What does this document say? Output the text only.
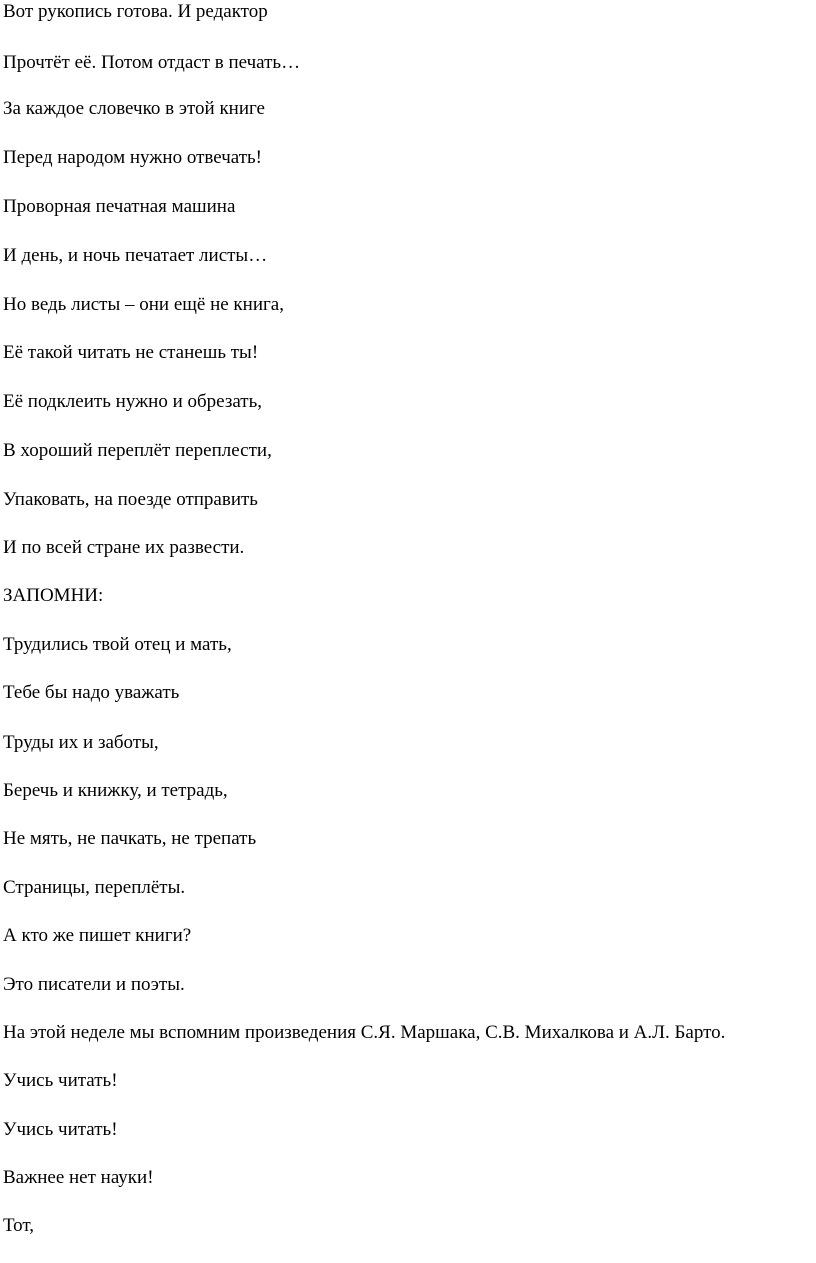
Вот рукопись готова. И редактор

Прочтёт её. Потом отдаст в печать…

За каждое словечко в этой книге

Перед народом нужно отвечать!

Проворная печатная машина

И день, и ночь печатает листы…

Но ведь листы – они ещё не книга,

Её такой читать не станешь ты!

Её подклеить нужно и обрезать,

В хороший переплёт переплести,

Упаковать, на поезде отправить

И по всей стране их развести.

ЗАПОМНИ:

Трудились твой отец и мать,

Тебе бы надо уважать

Труды их и заботы,

Беречь и книжку, и тетрадь,

Не мять, не пачкать, не трепать

Страницы, переплёты.

А кто же пишет книги?

Это писатели и поэты.

На этой неделе мы вспомним произведения С.Я. Маршака, С.В. Михалкова и А.Л. Барто.

Учись читать!

Учись читать!

Важнее нет науки!

Тот,
